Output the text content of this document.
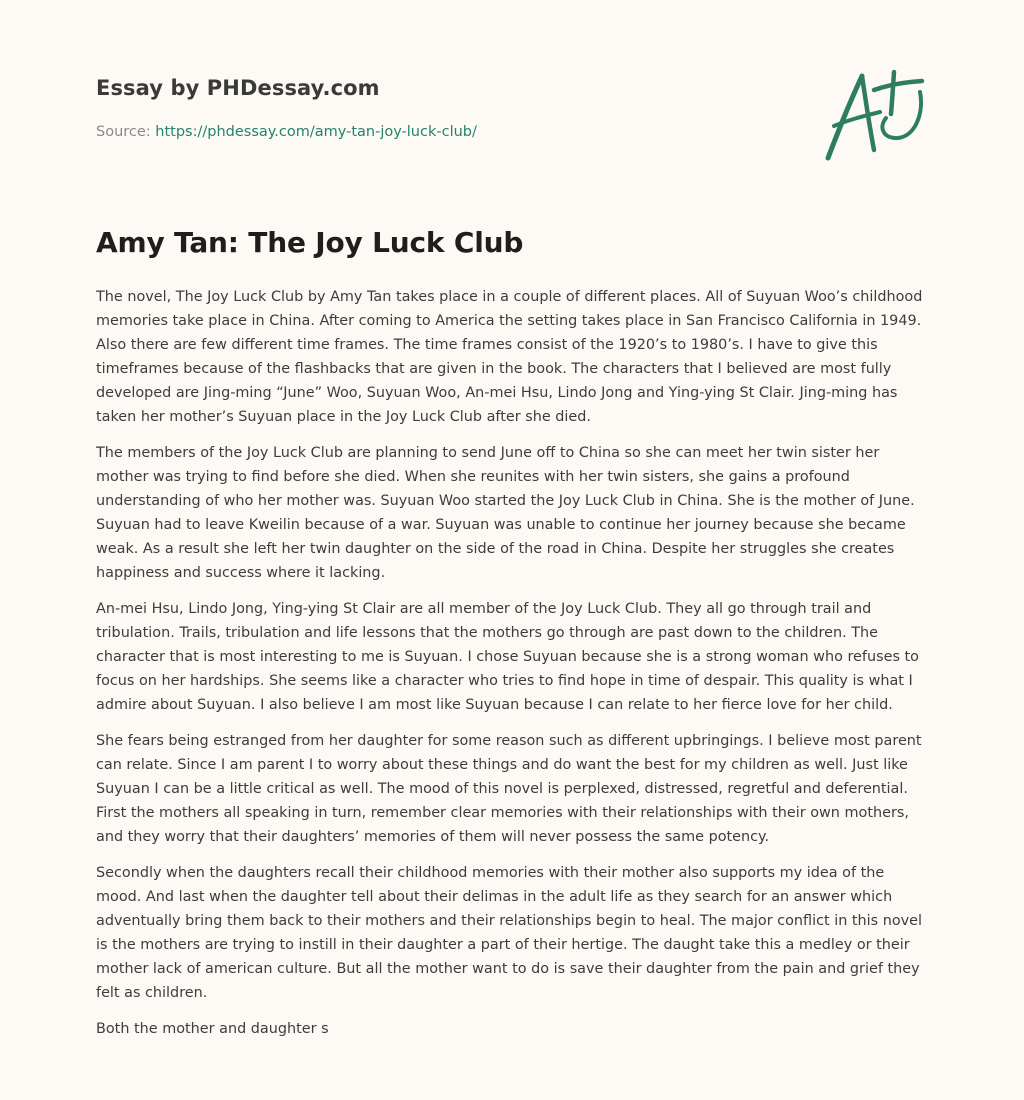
Essay by PHDessay.com
Source: https://phdessay.com/amy-tan-joy-luck-club/
Amy Tan: The Joy Luck Club

The novel, The Joy Luck Club by Amy Tan takes place in a couple of different places. All of Suyuan Woo’s childhood memories take place in China. After coming to America the setting takes place in San Francisco California in 1949. Also there are few different time frames. The time frames consist of the 1920’s to 1980’s. I have to give this timeframes because of the flashbacks that are given in the book. The characters that I believed are most fully developed are Jing-ming “June” Woo, Suyuan Woo, An-mei Hsu, Lindo Jong and Ying-ying St Clair. Jing-ming has taken her mother’s Suyuan place in the Joy Luck Club after she died.

The members of the Joy Luck Club are planning to send June off to China so she can meet her twin sister her mother was trying to find before she died. When she reunites with her twin sisters, she gains a profound understanding of who her mother was. Suyuan Woo started the Joy Luck Club in China. She is the mother of June. Suyuan had to leave Kweilin because of a war. Suyuan was unable to continue her journey because she became weak. As a result she left her twin daughter on the side of the road in China. Despite her struggles she creates happiness and success where it lacking.

An-mei Hsu, Lindo Jong, Ying-ying St Clair are all member of the Joy Luck Club. They all go through trail and tribulation. Trails, tribulation and life lessons that the mothers go through are past down to the children. The character that is most interesting to me is Suyuan. I chose Suyuan because she is a strong woman who refuses to focus on her hardships. She seems like a character who tries to find hope in time of despair. This quality is what I admire about Suyuan. I also believe I am most like Suyuan because I can relate to her fierce love for her child.

She fears being estranged from her daughter for some reason such as different upbringings. I believe most parent can relate. Since I am parent I to worry about these things and do want the best for my children as well. Just like Suyuan I can be a little critical as well. The mood of this novel is perplexed, distressed, regretful and deferential. First the mothers all speaking in turn, remember clear memories with their relationships with their own mothers, and they worry that their daughters’ memories of them will never possess the same potency.

Secondly when the daughters recall their childhood memories with their mother also supports my idea of the mood. And last when the daughter tell about their delimas in the adult life as they search for an answer which adventually bring them back to their mothers and their relationships begin to heal. The major conflict in this novel is the mothers are trying to instill in their daughter a part of their hertige. The daught take this a medley or their mother lack of american culture. But all the mother want to do is save their daughter from the pain and grief they felt as children.

Both the mother and daughter s
